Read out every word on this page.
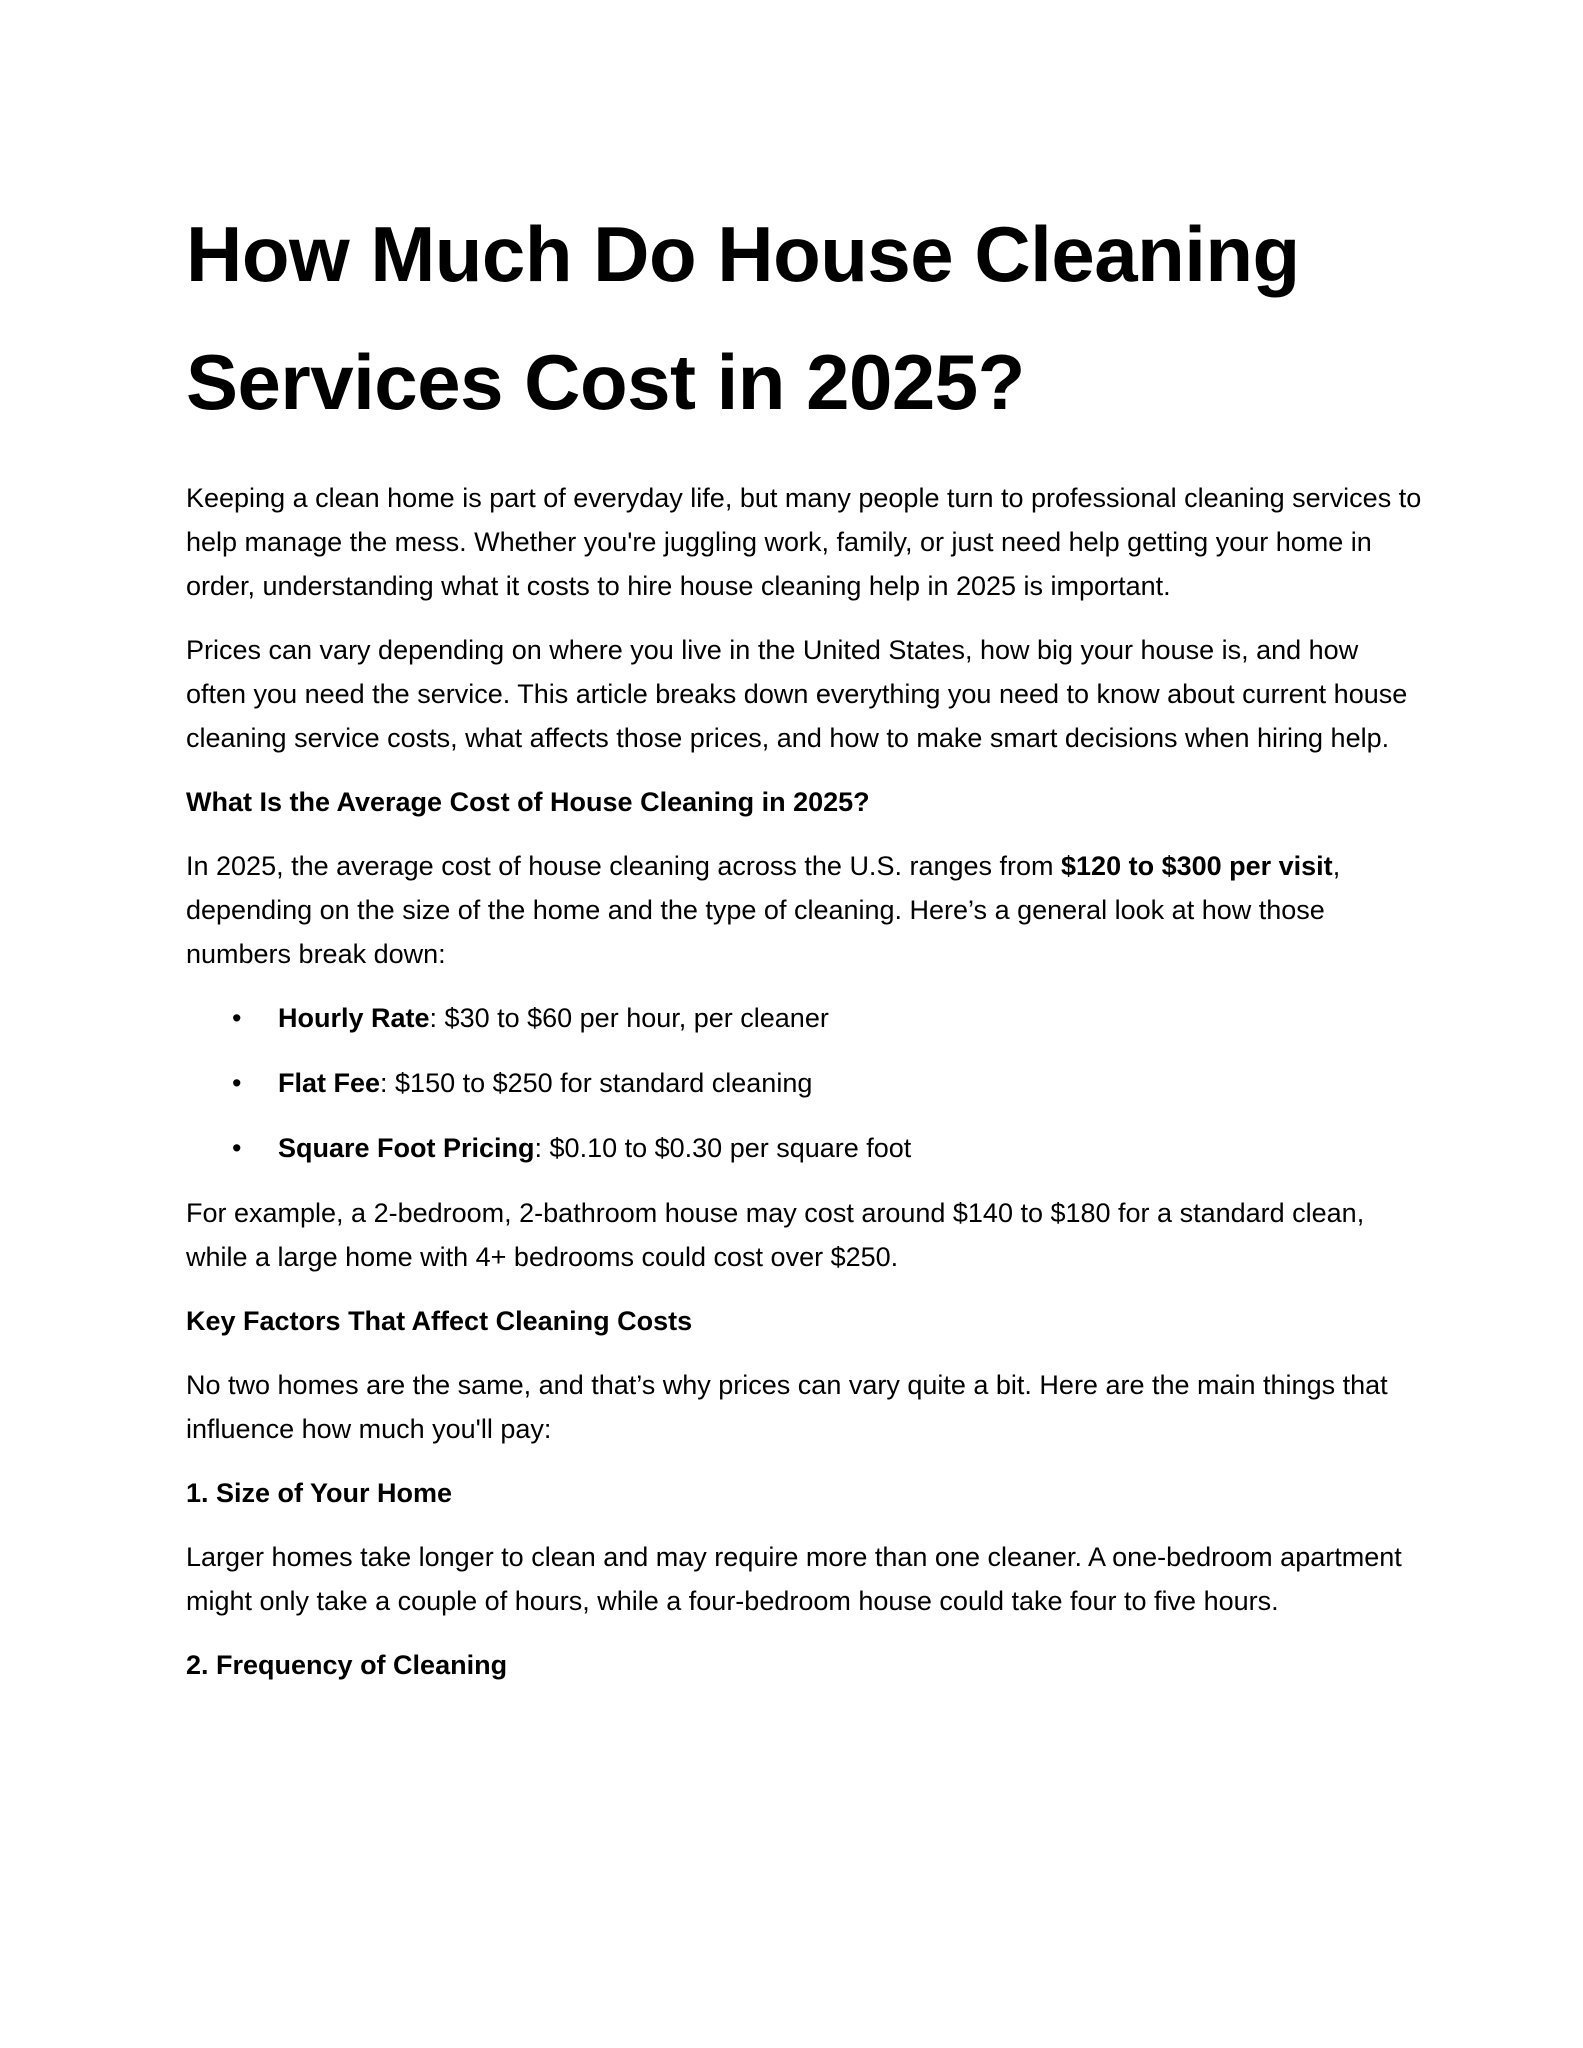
How Much Do House Cleaning Services Cost in 2025?

Keeping a clean home is part of everyday life, but many people turn to professional cleaning services to help manage the mess. Whether you're juggling work, family, or just need help getting your home in order, understanding what it costs to hire house cleaning help in 2025 is important.

Prices can vary depending on where you live in the United States, how big your house is, and how often you need the service. This article breaks down everything you need to know about current house cleaning service costs, what affects those prices, and how to make smart decisions when hiring help.

What Is the Average Cost of House Cleaning in 2025?

In 2025, the average cost of house cleaning across the U.S. ranges from $120 to $300 per visit, depending on the size of the home and the type of cleaning. Here’s a general look at how those numbers break down:

• Hourly Rate: $30 to $60 per hour, per cleaner
• Flat Fee: $150 to $250 for standard cleaning
• Square Foot Pricing: $0.10 to $0.30 per square foot

For example, a 2-bedroom, 2-bathroom house may cost around $140 to $180 for a standard clean, while a large home with 4+ bedrooms could cost over $250.

Key Factors That Affect Cleaning Costs

No two homes are the same, and that’s why prices can vary quite a bit. Here are the main things that influence how much you'll pay:

1. Size of Your Home

Larger homes take longer to clean and may require more than one cleaner. A one-bedroom apartment might only take a couple of hours, while a four-bedroom house could take four to five hours.

2. Frequency of Cleaning
